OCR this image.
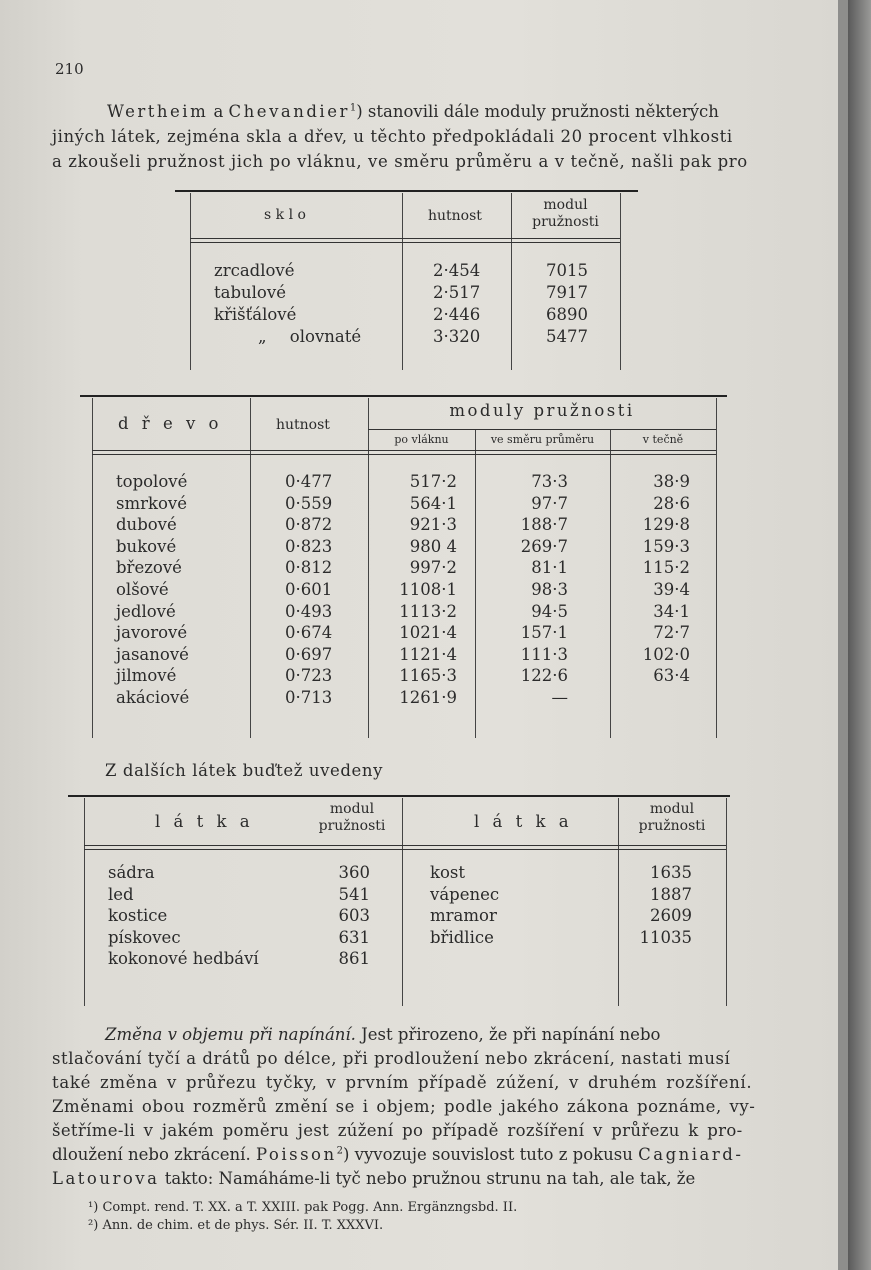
210
Wertheim a Chevandier$^1$) stanovili dále moduly pružnosti některých
jiných látek, zejména skla a dřev, u těchto předpokládali 20 procent vlhkosti
a zkoušeli pružnost jich po vláknu, ve směru průměru a v tečně, našli pak pro
s k l o	hutnost
modul
pružnosti
zrcadlové	2·454	7015
tabulové	2·517	7917
křišťálové	2·446	6890
„ olovnaté	3·320	5477
d ř e v o	hutnost
moduly pružnosti
po vláknu	ve směru průměru	v tečně
topolové	0·477	517·2	73·3	38·9
smrkové	0·559	564·1	97·7	28·6
dubové	0·872	921·3	188·7	129·8
bukové	0·823	980 4	269·7	159·3
březové	0·812	997·2	81·1	115·2
olšové	0·601	1108·1	98·3	39·4
jedlové	0·493	1113·2	94·5	34·1
javorové	0·674	1021·4	157·1	72·7
jasanové	0·697	1121·4	111·3	102·0
jilmové	0·723	1165·3	122·6	63·4
akáciové	0·713	1261·9	—
Z dalších látek buďtež uvedeny
l á t k a
modul
pružnosti	l á t k a
modul
pružnosti
sádra	360	kost	1635
led	541	vápenec	1887
kostice	603	mramor	2609
pískovec	631	břidlice	11035
kokonové hedbáví	861
Změna v objemu při napínání. Jest přirozeno, že při napínání nebo
stlačování tyčí a drátů po délce, při prodloužení nebo zkrácení, nastati musí
také změna v průřezu tyčky, v prvním případě zúžení, v druhém rozšíření.
Změnami obou rozměrů změní se i objem; podle jakého zákona poznáme, vy-
šetříme-li v jakém poměru jest zúžení po případě rozšíření v průřezu k pro-
dloužení nebo zkrácení. Poisson$^2$) vyvozuje souvislost tuto z pokusu Cagniard-
Latourova takto: Namáháme-li tyč nebo pružnou strunu na tah, ale tak, že
¹) Compt. rend. T. XX. a T. XXIII. pak Pogg. Ann. Ergänzngsbd. II.
²) Ann. de chim. et de phys. Sér. II. T. XXXVI.
